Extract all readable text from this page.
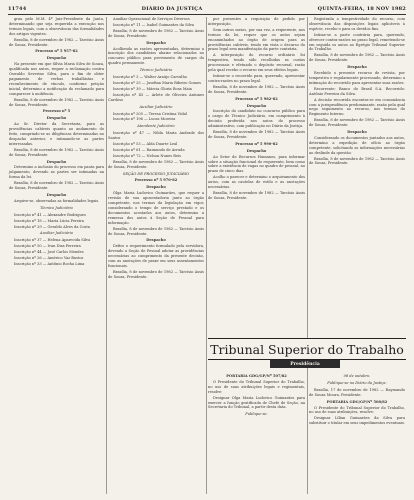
11744	DIÁRIO DA JUSTIÇA	QUINTA-FEIRA, 18 NOV 1982

grau pelo M.M. 4º Juiz-Presidente da Junta, determinando que seja requerida a execução nos termos legais, com a observância das formalidades dos artigos vigentes.

Brasília, 8 de novembro de 1982 — Tarcísio Assis de Souza, Presidente.

Processo nº 5 957-82

Despacho

Na presente em que Sílvia Maria Silva de Souza, qualificada nos autos, requer a reclamação contra Oswaldo Severino Silva, para o fim de obter pagamento de verbas trabalhistas e reconhecimento de vínculo, conforme petição inicial, determino a notificação do reclamado para comparecer à audiência.

Brasília, 8 de novembro de 1982 — Tarcísio Assis de Souza, Presidente.

Processo nº 5

Despacho

Ao Sr. Diretor da Secretaria, para as providências cabíveis quanto ao andamento do feito, cumprindo-se as diligências determinadas no despacho anterior, e intimando-se as partes interessadas.

Brasília, 8 de novembro de 1982 — Tarcísio Assis de Souza, Presidente.

Despacho

Determino a inclusão do processo em pauta para julgamento, devendo as partes ser intimadas na forma da lei.

Brasília, 8 de novembro de 1982 — Tarcísio Assis de Souza, Presidente.

Despacho

Arquive-se, observadas as formalidades legais.

Técnico Judiciário

Inscrição nº 41 — Alexandre Rodrigues

Inscrição nº 18 — Maria Lúcia Pereira

Inscrição nº 29 — Geraldo Alves da Costa

Auxiliar Judiciário

Inscrição nº 37 — Helena Aparecida Silva

Inscrição nº 50 — Ivan Dias Ferreira

Inscrição nº 44 — José Carlos Mendes

Inscrição nº 26 — Américo Vaz Bastos

Inscrição nº 33 — Antônio Rocha Lima

Auxiliar Operacional de Serviços Diversos

Inscrição nº 11 — Isabel Guimarães da Silva

Brasília, 8 de novembro de 1982 — Tarcísio Assis de Souza, Presidente.

Despacho

Acolhendo as razões apresentadas, determino a inscrição dos candidatos abaixo relacionados no concurso público para provimento de cargos do quadro permanente.

Técnico Judiciário

Inscrição nº 3 — Walter Araújo Carvalho

Inscrição nº 25 — Josefina Maria Ribeiro Gomes

Inscrição nº 39 — Márcia Gloria Rosa Maia

Inscrição nº 45 — Arlete de Oliveira Antunes Cardoso

Auxiliar Judiciário

Inscrição nº 205 — Teresa Cristina Vidal

Inscrição nº 196 — Lucas Moreira

Atendente Judiciário

Inscrição nº 47 — Nilda Maria Andrade dos Santos

Inscrição nº 53 — Alda Duarte Leal

Inscrição nº 61 — Raimundo de Arruda

Inscrição nº 72 — Nelson Nunes Reis

Brasília, 8 de novembro de 1982 — Tarcísio Assis de Souza, Presidente.

SEÇÃO DE PROCESSO JUDICIÁRIO

Processo nº 5 970-82

Despacho

Olga Maria Ludovico Guimarães, que requer a revisão de sua aposentadoria junto ao órgão competente, nos termos da legislação em vigor, considerando o tempo de serviço prestado e os documentos acostados aos autos, determino a remessa dos autos à Seção de Pessoal para informação.

Brasília, 8 de novembro de 1982 — Tarcísio Assis de Souza, Presidente.

Despacho

Defiro o requerimento formulado pela servidora, devendo a Seção de Pessoal adotar as providências necessárias ao cumprimento da presente decisão, com as anotações de praxe em seus assentamentos funcionais.

Brasília, 8 de novembro de 1982 — Tarcísio Assis de Souza, Presidente.

por presentes a requisição de pedido por interposição.

Sem outros meios, por sua vez, a requerente, nos termos da lei, requer que os autos sejam encaminhados ao órgão de origem para as providências cabíveis, tendo em vista o decurso do prazo legal sem manifestação da parte contrária.

A interposição do recurso ordinário foi tempestiva, tendo sido recolhidas as custas processuais e efetuado o depósito recursal, razão pela qual recebo o recurso em seus efeitos legais.

Intime-se o recorrido para, querendo, apresentar contra-razões no prazo legal.

Brasília, 8 de novembro de 1982 — Tarcísio Assis de Souza, Presidente.

Processo nº 5 982-82

Despacho

Inscrição do candidato no concurso público para o cargo de Técnico Judiciário, em cumprimento à decisão proferida nos autos do processo administrativo, com publicação no Diário da Justiça.

Brasília, 8 de novembro de 1982 — Tarcísio Assis de Souza, Presidente.

Processo nº 5 990-82

Despacho

Ao Setor de Recursos Humanos, para informar sobre a situação funcional do requerente, bem como sobre a existência de vagas no quadro de pessoal, no prazo de cinco dias.

Acolho o parecer e determino o arquivamento dos autos, com as cautelas de estilo e as anotações necessárias.

Brasília, 8 de novembro de 1982 — Tarcísio Assis de Souza, Presidente.

Registrada a tempestividade do recurso, com observância das disposições legais aplicáveis à espécie, recebo-o para os devidos fins.

Intime-se a parte contrária para, querendo, oferecer contra-razões no prazo legal, remetendo-se em seguida os autos ao Egrégio Tribunal Superior do Trabalho.

Brasília, 8 de novembro de 1982 — Tarcísio Assis de Souza, Presidente.

Despacho

Recebido o presente recurso de revista, por tempestivo e regularmente processado, determino a intimação do recorrido para apresentar suas razões.

Recorrente: Banco do Brasil S.A. Recorrido: Antônio Ferreira da Silva.

A decisão recorrida encontra-se em consonância com a jurisprudência predominante, razão pela qual nego seguimento ao recurso, nos termos do Regimento Interno.

Brasília, 8 de novembro de 1982 — Tarcísio Assis de Souza, Presidente.

Despacho

Considerando os documentos juntados aos autos, determino a expedição de ofício ao órgão competente, solicitando as informações necessárias ao deslinde da questão.

Brasília, 8 de novembro de 1982 — Tarcísio Assis de Souza, Presidente.

Tribunal Superior do Trabalho
Presidência

PORTARIA GDG/GP/Nº 507/82

O Presidente do Tribunal Superior do Trabalho, no uso de suas atribuições legais e regimentais, resolve:

Designar Olga Maria Ludovico Guimarães para exercer a função gratificada de Chefe de Seção, na Secretaria do Tribunal, a partir desta data.

Publique-se.

08 de outubro.

Publique-se no Diário da Justiça.

Brasília, 17 de novembro de 1982 — Raymundo de Souza Moura, Presidente.

PORTARIA GDG/GP/Nº 508/82

O Presidente do Tribunal Superior do Trabalho, no uso de suas atribuições, resolve:

Designar Lílian Guimarães da Silva para substituir o titular em seus impedimentos eventuais.
